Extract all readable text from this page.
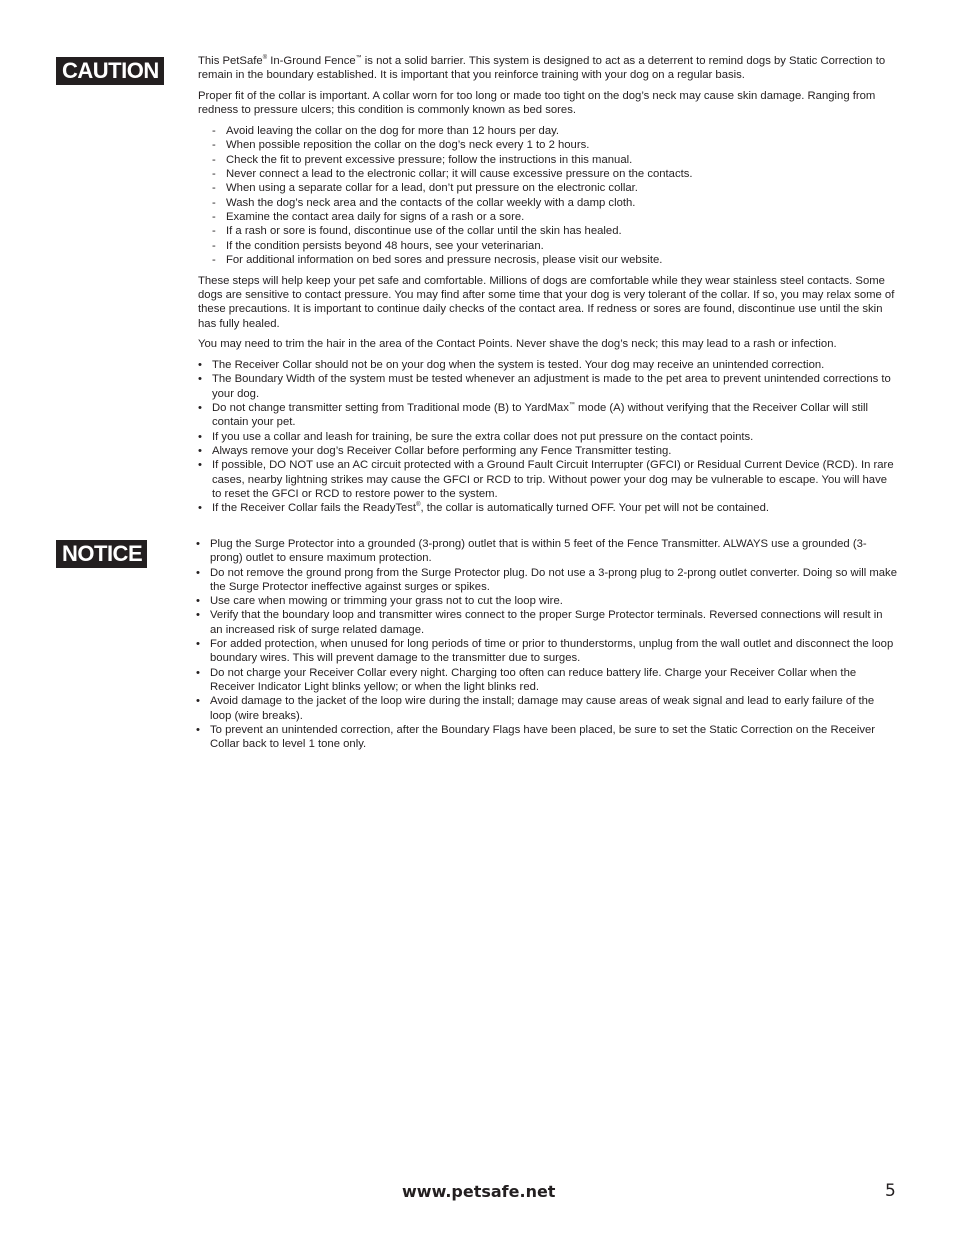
CAUTION	This PetSafe® In-Ground Fence™ is not a solid barrier. This system is designed to act as a deterrent to remind dogs by Static Correction to remain in the boundary established. It is important that you reinforce training with your dog on a regular basis.

Proper fit of the collar is important. A collar worn for too long or made too tight on the dog’s neck may cause skin damage. Ranging from redness to pressure ulcers; this condition is commonly known as bed sores.

- Avoid leaving the collar on the dog for more than 12 hours per day.
- When possible reposition the collar on the dog’s neck every 1 to 2 hours.
- Check the fit to prevent excessive pressure; follow the instructions in this manual.
- Never connect a lead to the electronic collar; it will cause excessive pressure on the contacts.
- When using a separate collar for a lead, don’t put pressure on the electronic collar.
- Wash the dog’s neck area and the contacts of the collar weekly with a damp cloth.
- Examine the contact area daily for signs of a rash or a sore.
- If a rash or sore is found, discontinue use of the collar until the skin has healed.
- If the condition persists beyond 48 hours, see your veterinarian.
- For additional information on bed sores and pressure necrosis, please visit our website.

These steps will help keep your pet safe and comfortable. Millions of dogs are comfortable while they wear stainless steel contacts. Some dogs are sensitive to contact pressure. You may find after some time that your dog is very tolerant of the collar. If so, you may relax some of these precautions. It is important to continue daily checks of the contact area. If redness or sores are found, discontinue use until the skin has fully healed.

You may need to trim the hair in the area of the Contact Points. Never shave the dog’s neck; this may lead to a rash or infection.

• The Receiver Collar should not be on your dog when the system is tested. Your dog may receive an unintended correction.
• The Boundary Width of the system must be tested whenever an adjustment is made to the pet area to prevent unintended corrections to your dog.
• Do not change transmitter setting from Traditional mode (B) to YardMax™ mode (A) without verifying that the Receiver Collar will still contain your pet.
• If you use a collar and leash for training, be sure the extra collar does not put pressure on the contact points.
• Always remove your dog’s Receiver Collar before performing any Fence Transmitter testing.
• If possible, DO NOT use an AC circuit protected with a Ground Fault Circuit Interrupter (GFCI) or Residual Current Device (RCD). In rare cases, nearby lightning strikes may cause the GFCI or RCD to trip. Without power your dog may be vulnerable to escape. You will have to reset the GFCI or RCD to restore power to the system.
• If the Receiver Collar fails the ReadyTest®, the collar is automatically turned OFF. Your pet will not be contained.
NOTICE
•	Plug the Surge Protector into a grounded (3-prong) outlet that is within 5 feet of the Fence Transmitter. ALWAYS use a grounded (3-prong) outlet to ensure maximum protection.
• Do not remove the ground prong from the Surge Protector plug. Do not use a 3-prong plug to 2-prong outlet converter. Doing so will make the Surge Protector ineffective against surges or spikes.
• Use care when mowing or trimming your grass not to cut the loop wire.
• Verify that the boundary loop and transmitter wires connect to the proper Surge Protector terminals. Reversed connections will result in an increased risk of surge related damage.
• For added protection, when unused for long periods of time or prior to thunderstorms, unplug from the wall outlet and disconnect the loop boundary wires. This will prevent damage to the transmitter due to surges.
• Do not charge your Receiver Collar every night. Charging too often can reduce battery life. Charge your Receiver Collar when the Receiver Indicator Light blinks yellow; or when the light blinks red.
• Avoid damage to the jacket of the loop wire during the install; damage may cause areas of weak signal and lead to early failure of the loop (wire breaks).
• To prevent an unintended correction, after the Boundary Flags have been placed, be sure to set the Static Correction on the Receiver Collar back to level 1 tone only.
www.petsafe.net	5
